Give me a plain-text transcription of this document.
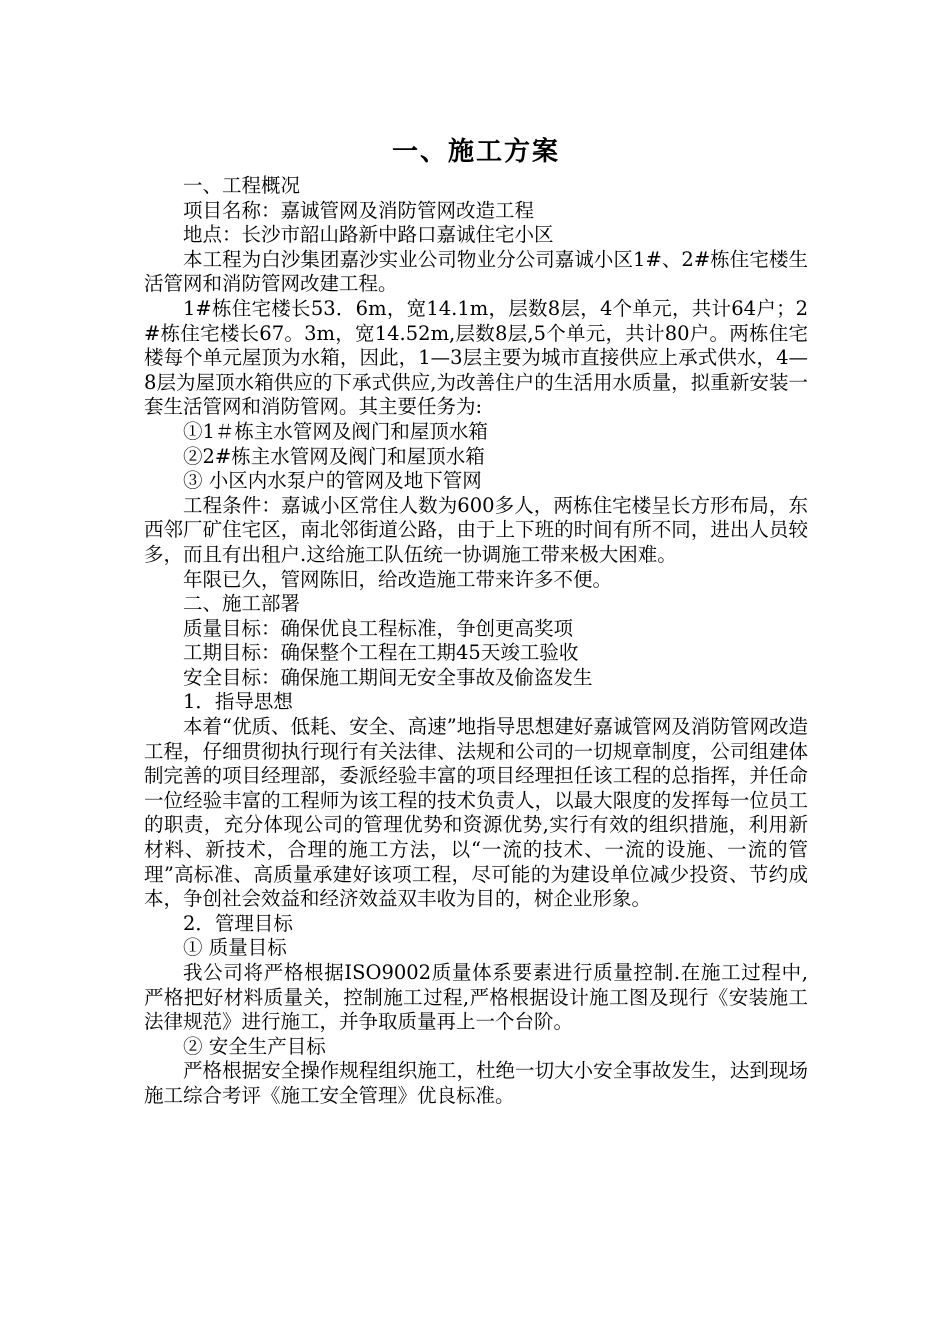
一、施工方案

一、工程概况

项目名称：嘉诚管网及消防管网改造工程

地点：长沙市韶山路新中路口嘉诚住宅小区

本工程为白沙集团嘉沙实业公司物业分公司嘉诚小区1#、2#栋住宅楼生活管网和消防管网改建工程。

1#栋住宅楼长53．6m，宽14.1m，层数8层，4个单元，共计64户；2#栋住宅楼长67。3m，宽14.52m,层数8层,5个单元，共计80户。两栋住宅楼每个单元屋顶为水箱，因此，1—3层主要为城市直接供应上承式供水，4—8层为屋顶水箱供应的下承式供应,为改善住户的生活用水质量，拟重新安装一套生活管网和消防管网。其主要任务为:

①1＃栋主水管网及阀门和屋顶水箱

②2#栋主水管网及阀门和屋顶水箱

③ 小区内水泵户的管网及地下管网

工程条件：嘉诚小区常住人数为600多人，两栋住宅楼呈长方形布局，东西邻厂矿住宅区，南北邻街道公路，由于上下班的时间有所不同，进出人员较多，而且有出租户.这给施工队伍统一协调施工带来极大困难。

年限已久，管网陈旧，给改造施工带来许多不便。

二、施工部署

质量目标：确保优良工程标准，争创更高奖项

工期目标：确保整个工程在工期45天竣工验收

安全目标：确保施工期间无安全事故及偷盗发生

1．指导思想

本着“优质、低耗、安全、高速”地指导思想建好嘉诚管网及消防管网改造工程，仔细贯彻执行现行有关法律、法规和公司的一切规章制度，公司组建体制完善的项目经理部，委派经验丰富的项目经理担任该工程的总指挥，并任命一位经验丰富的工程师为该工程的技术负责人，以最大限度的发挥每一位员工的职责，充分体现公司的管理优势和资源优势,实行有效的组织措施，利用新材料、新技术，合理的施工方法，以“一流的技术、一流的设施、一流的管理”高标准、高质量承建好该项工程，尽可能的为建设单位减少投资、节约成本，争创社会效益和经济效益双丰收为目的，树企业形象。

2．管理目标

① 质量目标

我公司将严格根据ISO9002质量体系要素进行质量控制.在施工过程中,严格把好材料质量关，控制施工过程,严格根据设计施工图及现行《安装施工法律规范》进行施工，并争取质量再上一个台阶。

② 安全生产目标

严格根据安全操作规程组织施工，杜绝一切大小安全事故发生，达到现场施工综合考评《施工安全管理》优良标准。
